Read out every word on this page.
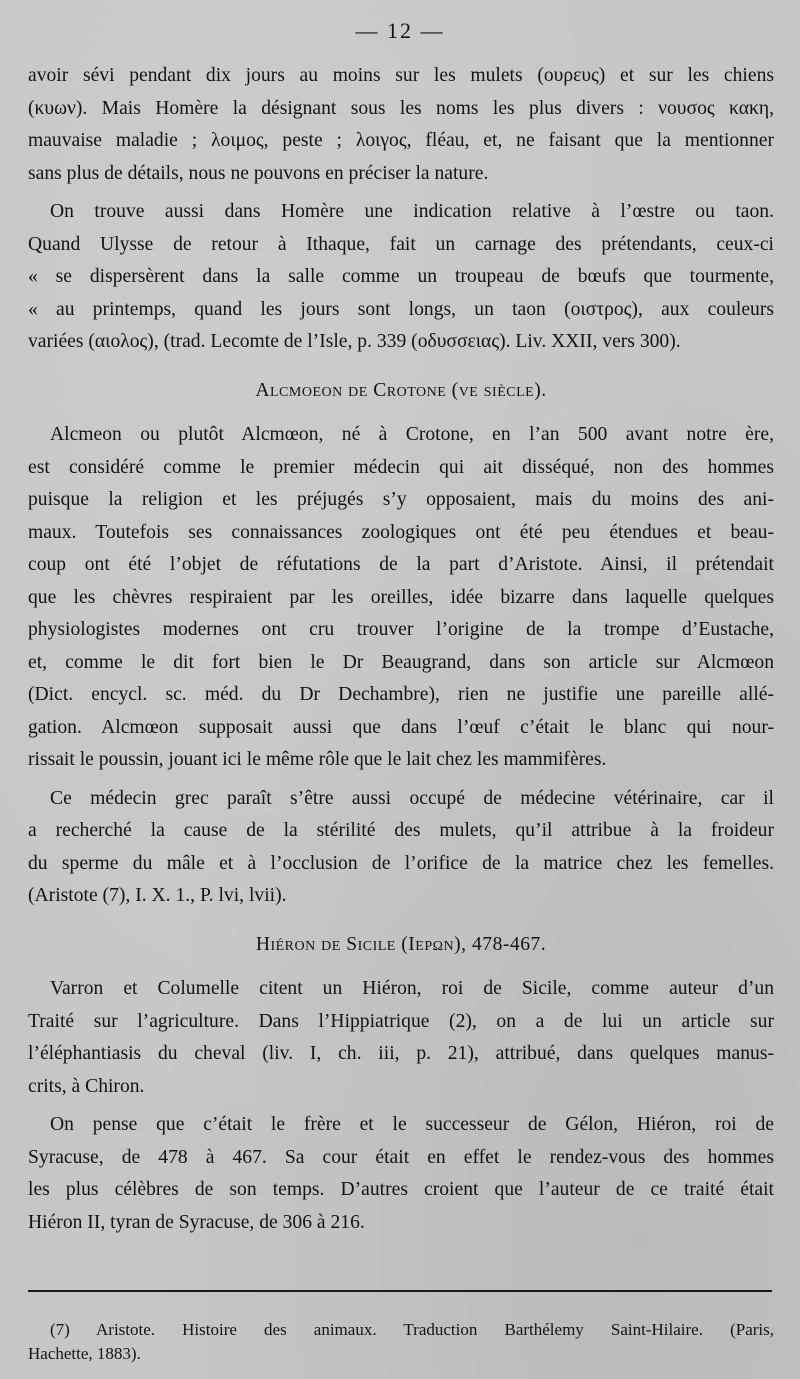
— 12 —
avoir sévi pendant dix jours au moins sur les mulets (ουρευς) et sur les chiens
(κυων). Mais Homère la désignant sous les noms les plus divers : νουσος κακη,
mauvaise maladie ; λοιμος, peste ; λοιγος, fléau, et, ne faisant que la mentionner
sans plus de détails, nous ne pouvons en préciser la nature.
On trouve aussi dans Homère une indication relative à l’œstre ou taon.
Quand Ulysse de retour à Ithaque, fait un carnage des prétendants, ceux-ci
« se dispersèrent dans la salle comme un troupeau de bœufs que tourmente,
« au printemps, quand les jours sont longs, un taon (οιστρος), aux couleurs
variées (αιολος), (trad. Lecomte de l’Isle, p. 339 (οδυσσειας). Liv. XXII, vers 300).
Alcmoeon de Crotone (ve siècle).
Alcmeon ou plutôt Alcmœon, né à Crotone, en l’an 500 avant notre ère,
est considéré comme le premier médecin qui ait disséqué, non des hommes
puisque la religion et les préjugés s’y opposaient, mais du moins des ani-
maux. Toutefois ses connaissances zoologiques ont été peu étendues et beau-
coup ont été l’objet de réfutations de la part d’Aristote. Ainsi, il prétendait
que les chèvres respiraient par les oreilles, idée bizarre dans laquelle quelques
physiologistes modernes ont cru trouver l’origine de la trompe d’Eustache,
et, comme le dit fort bien le Dr Beaugrand, dans son article sur Alcmœon
(Dict. encycl. sc. méd. du Dr Dechambre), rien ne justifie une pareille allé-
gation. Alcmœon supposait aussi que dans l’œuf c’était le blanc qui nour-
rissait le poussin, jouant ici le même rôle que le lait chez les mammifères.
Ce médecin grec paraît s’être aussi occupé de médecine vétérinaire, car il
a recherché la cause de la stérilité des mulets, qu’il attribue à la froideur
du sperme du mâle et à l’occlusion de l’orifice de la matrice chez les femelles.
(Aristote (7), I. X. 1., P. lvi, lvii).
Hiéron de Sicile (Ιερων), 478-467.
Varron et Columelle citent un Hiéron, roi de Sicile, comme auteur d’un
Traité sur l’agriculture. Dans l’Hippiatrique (2), on a de lui un article sur
l’éléphantiasis du cheval (liv. I, ch. iii, p. 21), attribué, dans quelques manus-
crits, à Chiron.
On pense que c’était le frère et le successeur de Gélon, Hiéron, roi de
Syracuse, de 478 à 467. Sa cour était en effet le rendez-vous des hommes
les plus célèbres de son temps. D’autres croient que l’auteur de ce traité était
Hiéron II, tyran de Syracuse, de 306 à 216.
(7) Aristote. Histoire des animaux. Traduction Barthélemy Saint-Hilaire. (Paris,
Hachette, 1883).
